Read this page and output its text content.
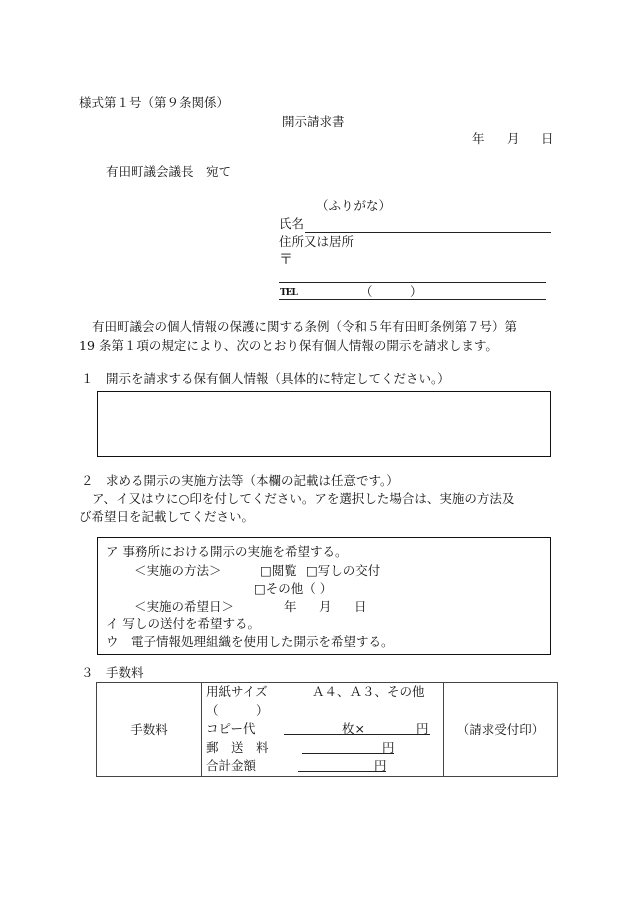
様式第１号（第９条関係）
開示請求書
年 月 日
有田町議会議長　宛て
（ふりがな）
氏名
住所又は居所
〒
TEL	（　　　）
有田町議会の個人情報の保護に関する条例（令和５年有田町条例第７号）第
19 条第１項の規定により、次のとおり保有個人情報の開示を請求します。
１　開示を請求する保有個人情報（具体的に特定してください。）
２　求める開示の実施方法等（本欄の記載は任意です。）
ア、イ又はウに○印を付してください。アを選択した場合は、実施の方法及
び希望日を記載してください。
ア 事務所における開示の実施を希望する。
＜実施の方法＞	□閲覧 □写しの交付
□その他（ ）
＜実施の希望日＞	年 月 日
イ 写しの送付を希望する。
ウ　電子情報処理組織を使用した開示を希望する。
３　手数料
手数料	
用紙サイズ	Ａ４、Ａ３、その他
（　　　）
コピー代	枚×	円
郵　送　料	円
合計金額	円
	（請求受付印）
